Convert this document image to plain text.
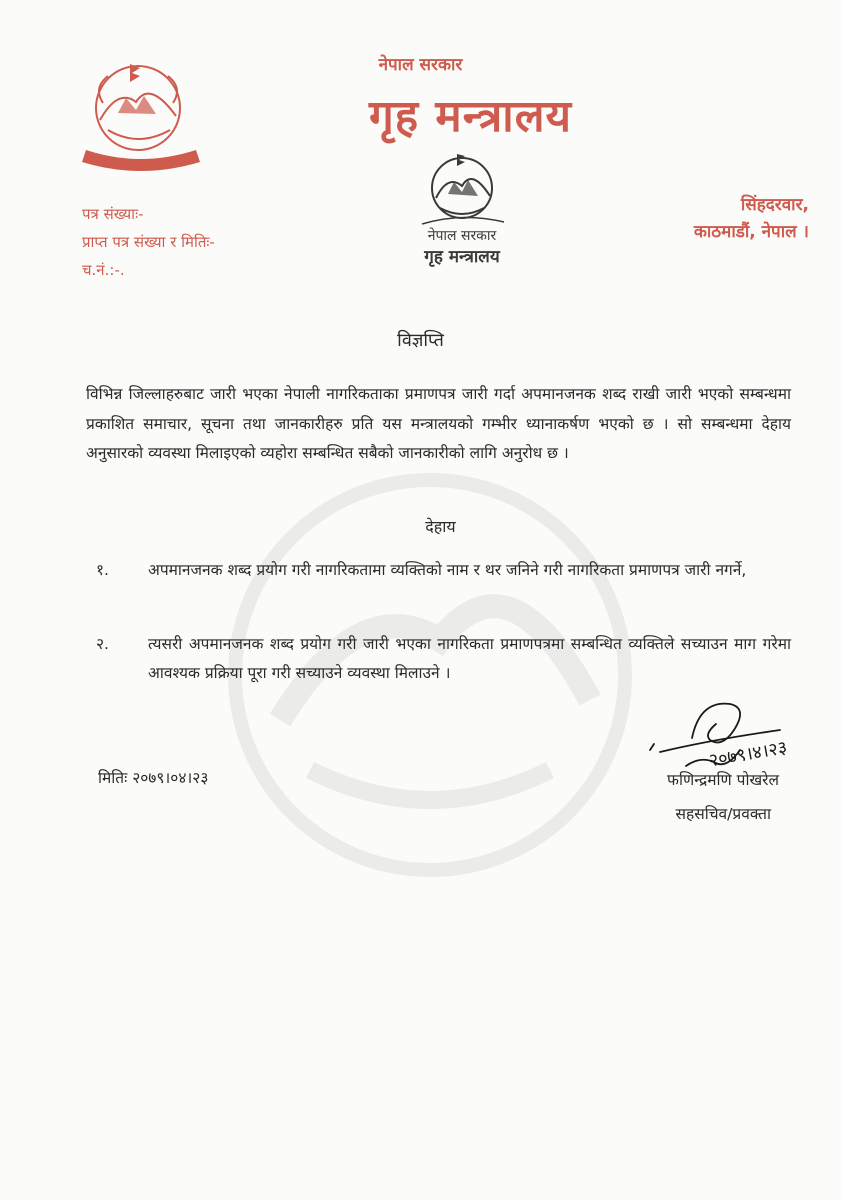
नेपाल सरकार
गृह मन्त्रालय
नेपाल सरकार
गृह मन्त्रालय
पत्र संख्याः-
प्राप्त पत्र संख्या र मितिः-
च.नं.:-.
सिंहदरवार,
काठमाडौं, नेपाल ।
विज्ञप्ति
विभिन्न जिल्लाहरुबाट जारी भएका नेपाली नागरिकताका प्रमाणपत्र जारी गर्दा अपमानजनक शब्द राखी जारी भएको सम्बन्धमा प्रकाशित समाचार, सूचना तथा जानकारीहरु प्रति यस मन्त्रालयको गम्भीर ध्यानाकर्षण भएको छ । सो सम्बन्धमा देहाय अनुसारको व्यवस्था मिलाइएको व्यहोरा सम्बन्धित सबैको जानकारीको लागि अनुरोध छ ।
देहाय
१.	अपमानजनक शब्द प्रयोग गरी नागरिकतामा व्यक्तिको नाम र थर जनिने गरी नागरिकता प्रमाणपत्र जारी नगर्ने,
२.	त्यसरी अपमानजनक शब्द प्रयोग गरी जारी भएका नागरिकता प्रमाणपत्रमा सम्बन्धित व्यक्तिले सच्याउन माग गरेमा आवश्यक प्रक्रिया पूरा गरी सच्याउने व्यवस्था मिलाउने ।
२०७९।४।२३
मितिः २०७९।०४।२३	फणिन्द्रमणि पोखरेल
सहसचिव/प्रवक्ता
